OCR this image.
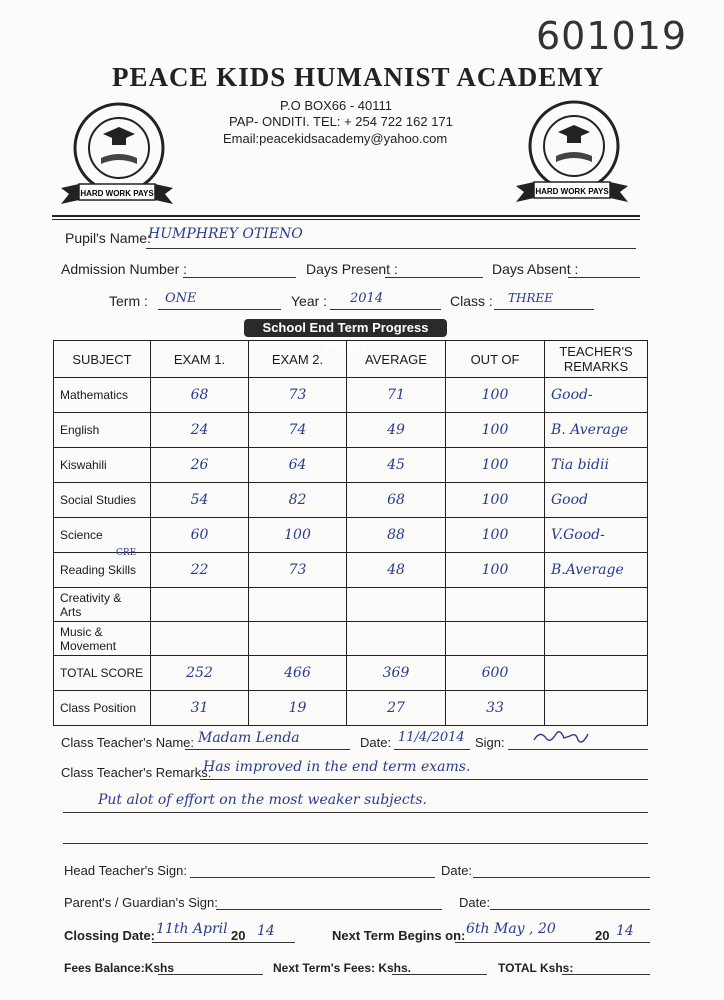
601019
PEACE KIDS HUMANIST ACADEMY
P.O BOX66 - 40111
PAP- ONDITI. TEL: + 254 722 162 171
Email:peacekidsacademy@yahoo.com
HARD WORK PAYS	HARD WORK PAYS
Pupil's Name:
HUMPHREY OTIENO
Admission Number :	Days Present :	Days Absent :
Term : ONE	Year : 2014	Class : THREE
School End Term Progress Report
SUBJECT	EXAM 1.	EXAM 2.	AVERAGE	OUT OF	TEACHER'S REMARKS
Mathematics	68	73	71	100	Good-
English	24	74	49	100	B. Average
Kiswahili	26	64	45	100	Tia bidii
Social Studies	54	82	68	100	Good
Science	60	100	88	100	V.Good-
Reading Skills	22	73	48	100	B.Average
Creativity & Arts					
Music & Movement					
TOTAL SCORE	252	466	369	600	
Class Position	31	19	27	33	
CRE
Class Teacher's Name: Madam Lenda	Date: 11/4/2014 Sign:
Class Teacher's Remarks:
Has improved in the end term exams.
Put alot of effort on the most weaker subjects.
Head Teacher's Sign:	Date:
Parent's / Guardian's Sign:	Date:
Clossing Date: 11th April 20 14	Next Term Begins on: 6th May , 20	20 14
Fees Balance:Kshs	Next Term's Fees: Kshs.	TOTAL Kshs:
